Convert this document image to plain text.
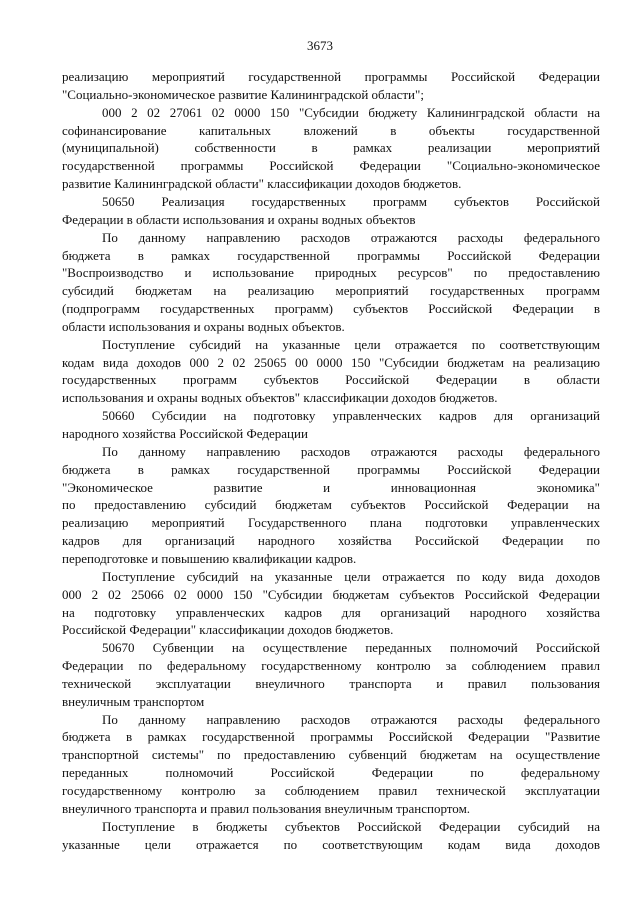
3673
реализацию мероприятий государственной программы Российской Федерации
"Социально-экономическое развитие Калининградской области";
000 2 02 27061 02 0000 150 "Субсидии бюджету Калининградской области на
софинансирование капитальных вложений в объекты государственной
(муниципальной) собственности в рамках реализации мероприятий
государственной программы Российской Федерации "Социально-экономическое
развитие Калининградской области" классификации доходов бюджетов.
50650 Реализация государственных программ субъектов Российской
Федерации в области использования и охраны водных объектов
По данному направлению расходов отражаются расходы федерального
бюджета в рамках государственной программы Российской Федерации
"Воспроизводство и использование природных ресурсов" по предоставлению
субсидий бюджетам на реализацию мероприятий государственных программ
(подпрограмм государственных программ) субъектов Российской Федерации в
области использования и охраны водных объектов.
Поступление субсидий на указанные цели отражается по соответствующим
кодам вида доходов 000 2 02 25065 00 0000 150 "Субсидии бюджетам на реализацию
государственных программ субъектов Российской Федерации в области
использования и охраны водных объектов" классификации доходов бюджетов.
50660 Субсидии на подготовку управленческих кадров для организаций
народного хозяйства Российской Федерации
По данному направлению расходов отражаются расходы федерального
бюджета в рамках государственной программы Российской Федерации
"Экономическое развитие и инновационная экономика"
по предоставлению субсидий бюджетам субъектов Российской Федерации на
реализацию мероприятий Государственного плана подготовки управленческих
кадров для организаций народного хозяйства Российской Федерации по
переподготовке и повышению квалификации кадров.
Поступление субсидий на указанные цели отражается по коду вида доходов
000 2 02 25066 02 0000 150 "Субсидии бюджетам субъектов Российской Федерации
на подготовку управленческих кадров для организаций народного хозяйства
Российской Федерации" классификации доходов бюджетов.
50670 Субвенции на осуществление переданных полномочий Российской
Федерации по федеральному государственному контролю за соблюдением правил
технической эксплуатации внеуличного транспорта и правил пользования
внеуличным транспортом
По данному направлению расходов отражаются расходы федерального
бюджета в рамках государственной программы Российской Федерации "Развитие
транспортной системы" по предоставлению субвенций бюджетам на осуществление
переданных полномочий Российской Федерации по федеральному
государственному контролю за соблюдением правил технической эксплуатации
внеуличного транспорта и правил пользования внеуличным транспортом.
Поступление в бюджеты субъектов Российской Федерации субсидий на
указанные цели отражается по соответствующим кодам вида доходов
